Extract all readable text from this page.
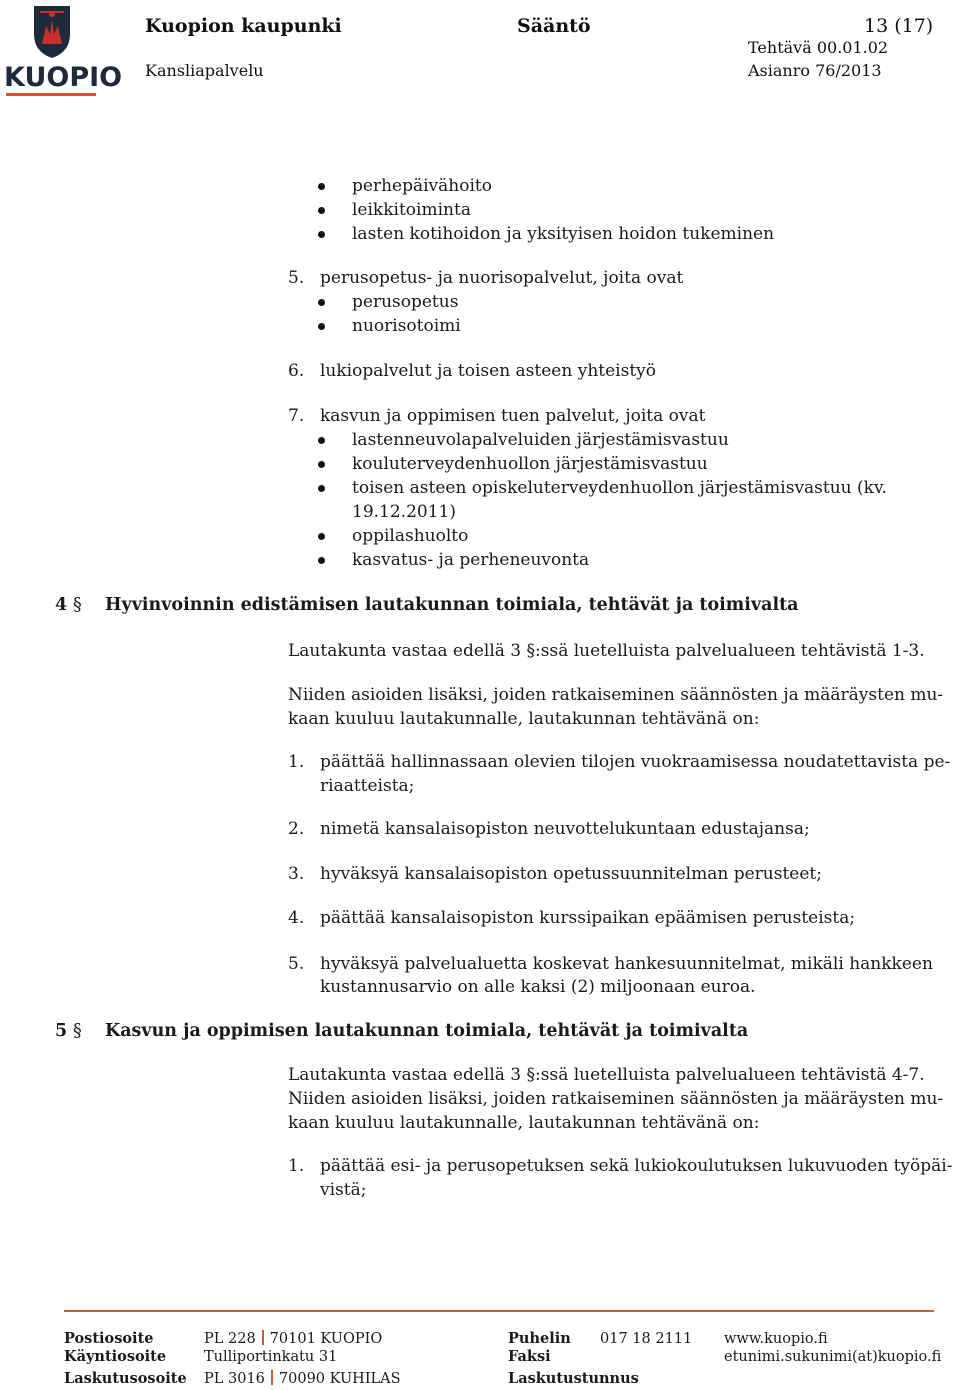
KUOPIO
Kuopion kaupunki	Sääntö	13 (17)
Kansliapalvelu
Tehtävä 00.01.02
Asianro 76/2013
perhepäivähoito
leikkitoiminta
lasten kotihoidon ja yksityisen hoidon tukeminen
5. perusopetus- ja nuorisopalvelut, joita ovat
perusopetus
nuorisotoimi
6. lukiopalvelut ja toisen asteen yhteistyö
7. kasvun ja oppimisen tuen palvelut, joita ovat
lastenneuvolapalveluiden järjestämisvastuu
kouluterveydenhuollon järjestämisvastuu
toisen asteen opiskeluterveydenhuollon järjestämisvastuu (kv.
19.12.2011)
oppilashuolto
kasvatus- ja perheneuvonta
4 § Hyvinvoinnin edistämisen lautakunnan toimiala, tehtävät ja toimivalta
Lautakunta vastaa edellä 3 §:ssä luetelluista palvelualueen tehtävistä 1-3.
Niiden asioiden lisäksi, joiden ratkaiseminen säännösten ja määräysten mu-
kaan kuuluu lautakunnalle, lautakunnan tehtävänä on:
1. päättää hallinnassaan olevien tilojen vuokraamisessa noudatettavista pe-
riaatteista;
2. nimetä kansalaisopiston neuvottelukuntaan edustajansa;
3. hyväksyä kansalaisopiston opetussuunnitelman perusteet;
4. päättää kansalaisopiston kurssipaikan epäämisen perusteista;
5. hyväksyä palvelualuetta koskevat hankesuunnitelmat, mikäli hankkeen
kustannusarvio on alle kaksi (2) miljoonaan euroa.
5 § Kasvun ja oppimisen lautakunnan toimiala, tehtävät ja toimivalta
Lautakunta vastaa edellä 3 §:ssä luetelluista palvelualueen tehtävistä 4-7.
Niiden asioiden lisäksi, joiden ratkaiseminen säännösten ja määräysten mu-
kaan kuuluu lautakunnalle, lautakunnan tehtävänä on:
1. päättää esi- ja perusopetuksen sekä lukiokoulutuksen lukuvuoden työpäi-
vistä;
Postiosoite	PL 228 70101 KUOPIO	Puhelin 017 18 2111 www.kuopio.fi
Käyntiosoite	Tulliportinkatu 31	Faksi	etunimi.sukunimi(at)kuopio.fi
Laskutusosoite PL 3016 70090 KUHILAS	Laskutustunnus
